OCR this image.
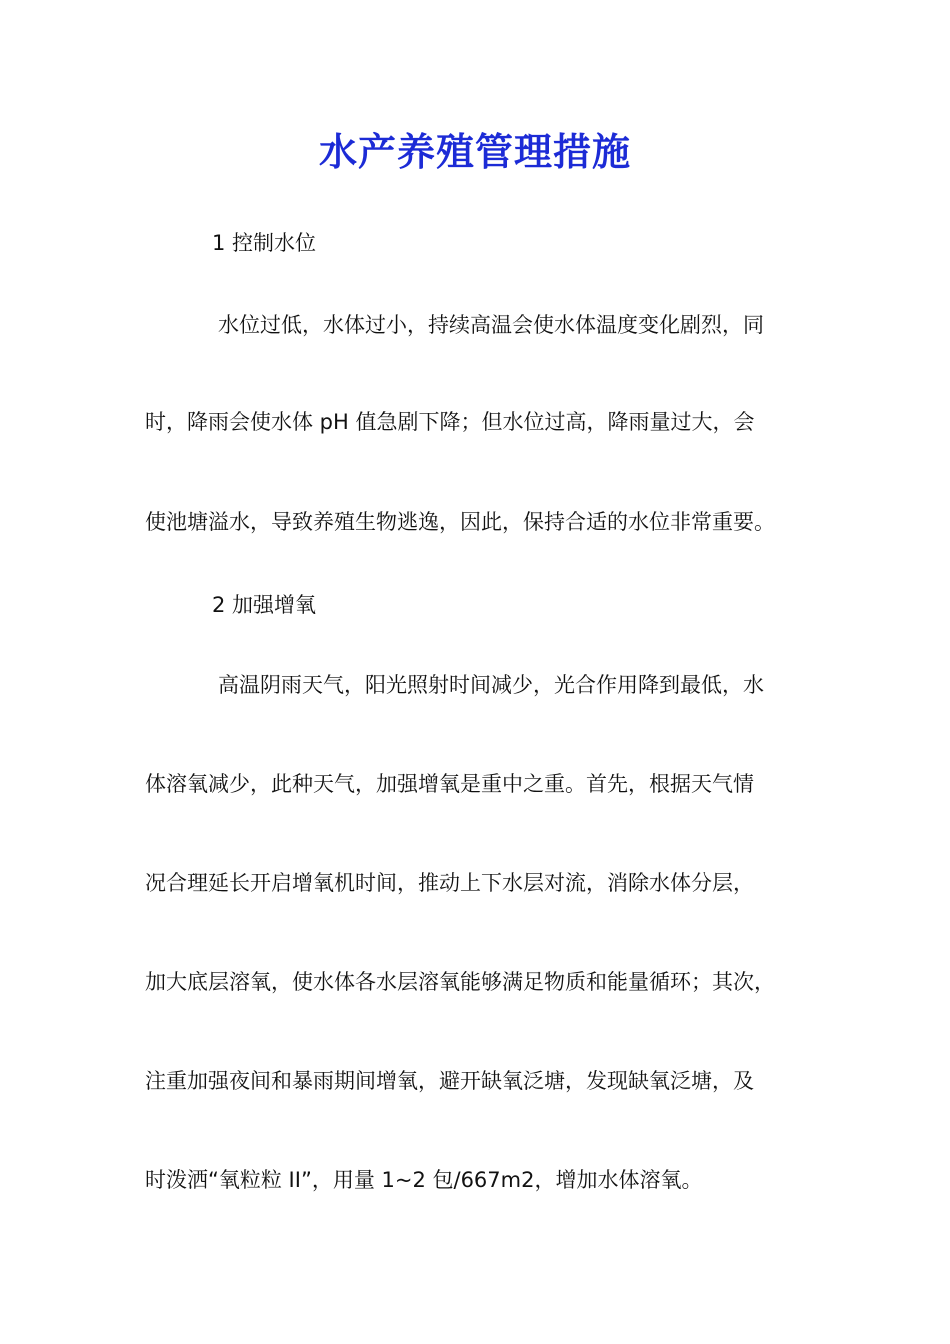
水产养殖管理措施

1 控制水位

水位过低，水体过小，持续高温会使水体温度变化剧烈，同

时，降雨会使水体 pH 值急剧下降；但水位过高，降雨量过大，会

使池塘溢水，导致养殖生物逃逸，因此，保持合适的水位非常重要。

2 加强增氧

高温阴雨天气，阳光照射时间减少，光合作用降到最低，水

体溶氧减少，此种天气，加强增氧是重中之重。首先，根据天气情

况合理延长开启增氧机时间，推动上下水层对流，消除水体分层，

加大底层溶氧，使水体各水层溶氧能够满足物质和能量循环；其次，

注重加强夜间和暴雨期间增氧，避开缺氧泛塘，发现缺氧泛塘，及

时泼洒“氧粒粒 II”，用量 1~2 包/667m2，增加水体溶氧。
